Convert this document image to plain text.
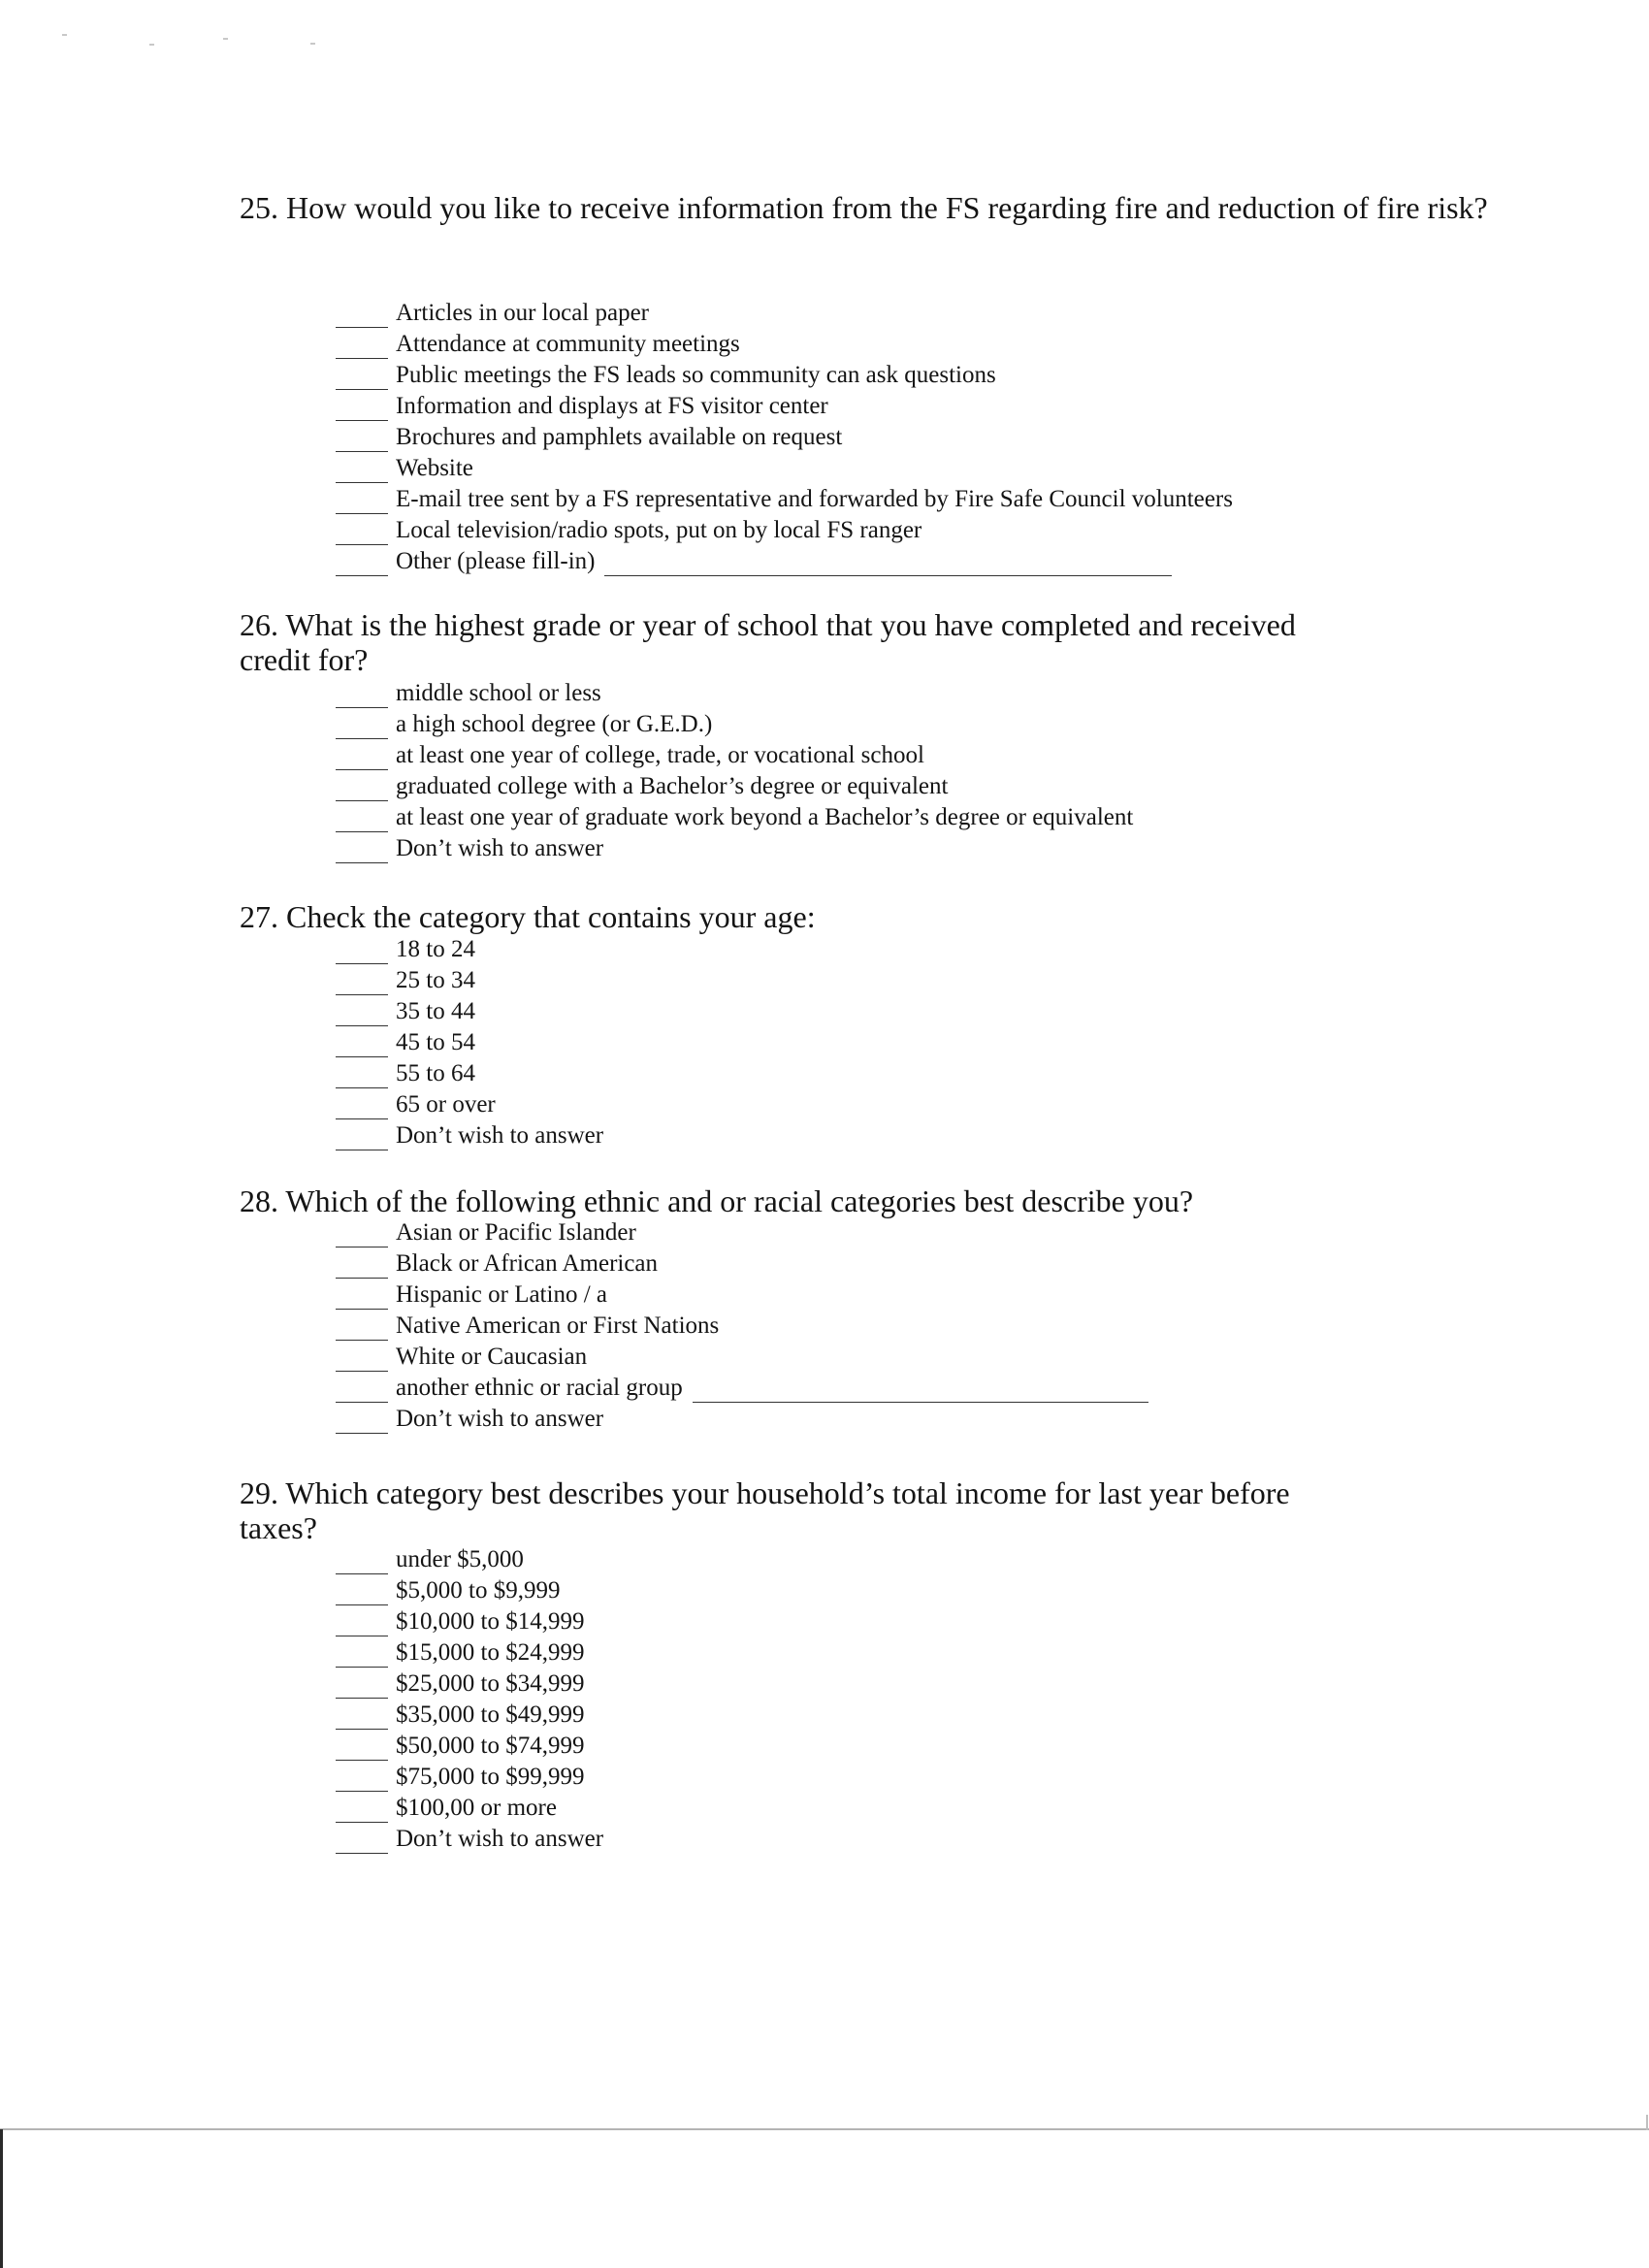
25. How would you like to receive information from the FS regarding fire and reduction of fire risk?
Articles in our local paper
Attendance at community meetings
Public meetings the FS leads so community can ask questions
Information and displays at FS visitor center
Brochures and pamphlets available on request
Website
E-mail tree sent by a FS representative and forwarded by Fire Safe Council volunteers
Local television/radio spots, put on by local FS ranger
Other (please fill-in)
26. What is the highest grade or year of school that you have completed and received credit for?
middle school or less
a high school degree (or G.E.D.)
at least one year of college, trade, or vocational school
graduated college with a Bachelor’s degree or equivalent
at least one year of graduate work beyond a Bachelor’s degree or equivalent
Don’t wish to answer
27. Check the category that contains your age:
18 to 24
25 to 34
35 to 44
45 to 54
55 to 64
65 or over
Don’t wish to answer
28. Which of the following ethnic and or racial categories best describe you?
Asian or Pacific Islander
Black or African American
Hispanic or Latino / a
Native American or First Nations
White or Caucasian
another ethnic or racial group
Don’t wish to answer
29. Which category best describes your household’s total income for last year before taxes?
under $5,000
$5,000 to $9,999
$10,000 to $14,999
$15,000 to $24,999
$25,000 to $34,999
$35,000 to $49,999
$50,000 to $74,999
$75,000 to $99,999
$100,00 or more
Don’t wish to answer
